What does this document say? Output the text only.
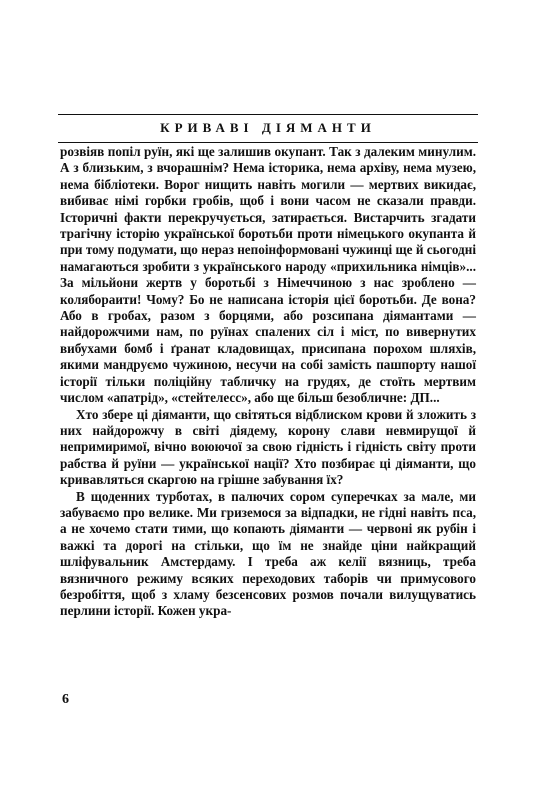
КРИВАВІ ДІЯМАНТИ

розвіяв попіл руїн, які ще залишив окупант. Так з далеким минулим. А з близьким, з вчорашнім? Нема історика, нема архіву, нема музею, нема бібліотеки. Ворог нищить навіть могили — мертвих викидає, вибиває німі горбки гробів, щоб і вони часом не сказали правди. Історичні факти перекручується, затирається. Вистарчить згадати трагічну історію української боротьби проти німецького окупанта й при тому подумати, що нераз непоінформовані чужинці ще й сьогодні намагаються зробити з українського народу «прихильника німців»... За мільйони жертв у боротьбі з Німеччиною з нас зроблено — колябораити! Чому? Бо не написана історія цієї боротьби. Де вона? Або в гробах, разом з борцями, або розсипана діямантами — найдорожчими нам, по руїнах спалених сіл і міст, по вивернутих вибухами бомб і ґранат кладовищах, присипана порохом шляхів, якими мандруємо чужиною, несучи на собі замість пашпорту нашої історії тільки поліційну табличку на грудях, де стоїть мертвим числом «апатрід», «стейтелесс», або ще більш безобличне: ДП...

Хто збере ці діяманти, що світяться відблиском крови й зложить з них найдорожчу в світі діядему, корону слави невмирущої й непримиримої, вічно воюючої за свою гідність і гідність світу проти рабства й руїни — української нації? Хто позбирає ці діяманти, що кривавляться скаргою на грішне забування їх?

В щоденних турботах, в палючих сором суперечках за мале, ми забуваємо про велике. Ми гриземося за відпадки, не гідні навіть пса, а не хочемо стати тими, що копають діяманти — червоні як рубін і важкі та дорогі на стільки, що їм не знайде ціни найкращий шліфувальник Амстердаму. І треба аж келії вязниць, треба вязничного режиму всяких переходових таборів чи примусового безробіття, щоб з хламу безсенсових розмов почали вилущуватись перлини історії. Кожен укра-

6
